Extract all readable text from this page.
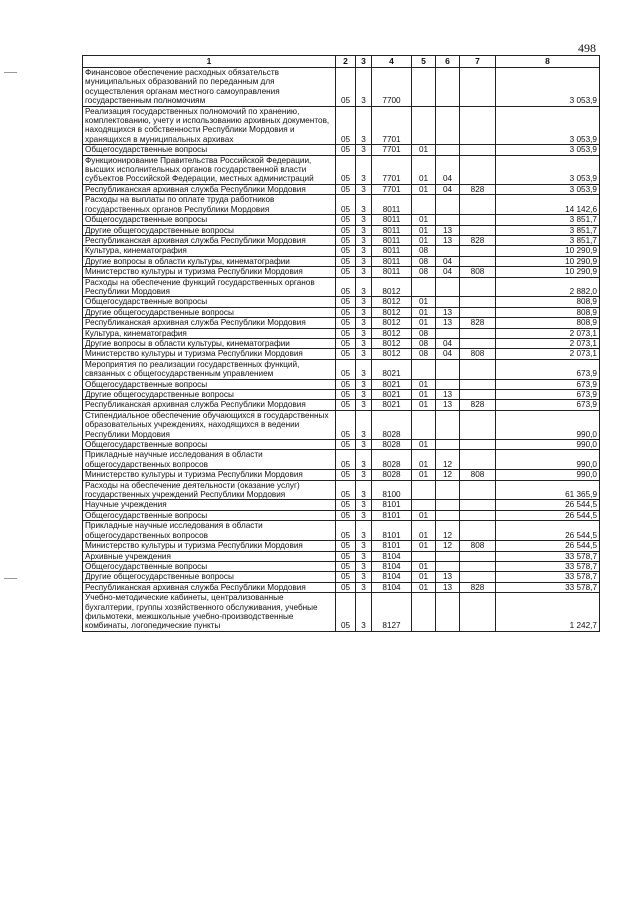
498
1	2	3	4	5	6	7	8
Финансовое обеспечение расходных обязательств муниципальных образований по переданным для осуществления органам местного самоуправления государственным полномочиям	05	3	7700				3 053,9
Реализация государственных полномочий по хранению, комплектованию, учету и использованию архивных документов, находящихся в собственности Республики Мордовия и хранящихся в муниципальных архивах	05	3	7701				3 053,9
Общегосударственные вопросы	05	3	7701	01			3 053,9
Функционирование Правительства Российской Федерации, высших исполнительных органов государственной власти субъектов Российской Федерации, местных администраций	05	3	7701	01	04		3 053,9
Республиканская архивная служба Республики Мордовия	05	3	7701	01	04	828	3 053,9
Расходы на выплаты по оплате труда работников государственных органов Республики Мордовия	05	3	8011				14 142,6
Общегосударственные вопросы	05	3	8011	01			3 851,7
Другие общегосударственные вопросы	05	3	8011	01	13		3 851,7
Республиканская архивная служба Республики Мордовия	05	3	8011	01	13	828	3 851,7
Культура, кинематография	05	3	8011	08			10 290,9
Другие вопросы в области культуры, кинематографии	05	3	8011	08	04		10 290,9
Министерство культуры и туризма Республики Мордовия	05	3	8011	08	04	808	10 290,9
Расходы на обеспечение функций государственных органов Республики Мордовия	05	3	8012				2 882,0
Общегосударственные вопросы	05	3	8012	01			808,9
Другие общегосударственные вопросы	05	3	8012	01	13		808,9
Республиканская архивная служба Республики Мордовия	05	3	8012	01	13	828	808,9
Культура, кинематография	05	3	8012	08			2 073,1
Другие вопросы в области культуры, кинематографии	05	3	8012	08	04		2 073,1
Министерство культуры и туризма Республики Мордовия	05	3	8012	08	04	808	2 073,1
Мероприятия по реализации государственных функций, связанных с общегосударственным управлением	05	3	8021				673,9
Общегосударственные вопросы	05	3	8021	01			673,9
Другие общегосударственные вопросы	05	3	8021	01	13		673,9
Республиканская архивная служба Республики Мордовия	05	3	8021	01	13	828	673,9
Стипендиальное обеспечение обучающихся в государственных образовательных учреждениях, находящихся в ведении Республики Мордовия	05	3	8028				990,0
Общегосударственные вопросы	05	3	8028	01			990,0
Прикладные научные исследования в области общегосударственных вопросов	05	3	8028	01	12		990,0
Министерство культуры и туризма Республики Мордовия	05	3	8028	01	12	808	990,0
Расходы на обеспечение деятельности (оказание услуг) государственных учреждений Республики Мордовия	05	3	8100				61 365,9
Научные учреждения	05	3	8101				26 544,5
Общегосударственные вопросы	05	3	8101	01			26 544,5
Прикладные научные исследования в области общегосударственных вопросов	05	3	8101	01	12		26 544,5
Министерство культуры и туризма Республики Мордовия	05	3	8101	01	12	808	26 544,5
Архивные учреждения	05	3	8104				33 578,7
Общегосударственные вопросы	05	3	8104	01			33 578,7
Другие общегосударственные вопросы	05	3	8104	01	13		33 578,7
Республиканская архивная служба Республики Мордовия	05	3	8104	01	13	828	33 578,7
Учебно-методические кабинеты, централизованные бухгалтерии, группы хозяйственного обслуживания, учебные фильмотеки, межшкольные учебно-производственные комбинаты, логопедические пункты	05	3	8127				1 242,7
